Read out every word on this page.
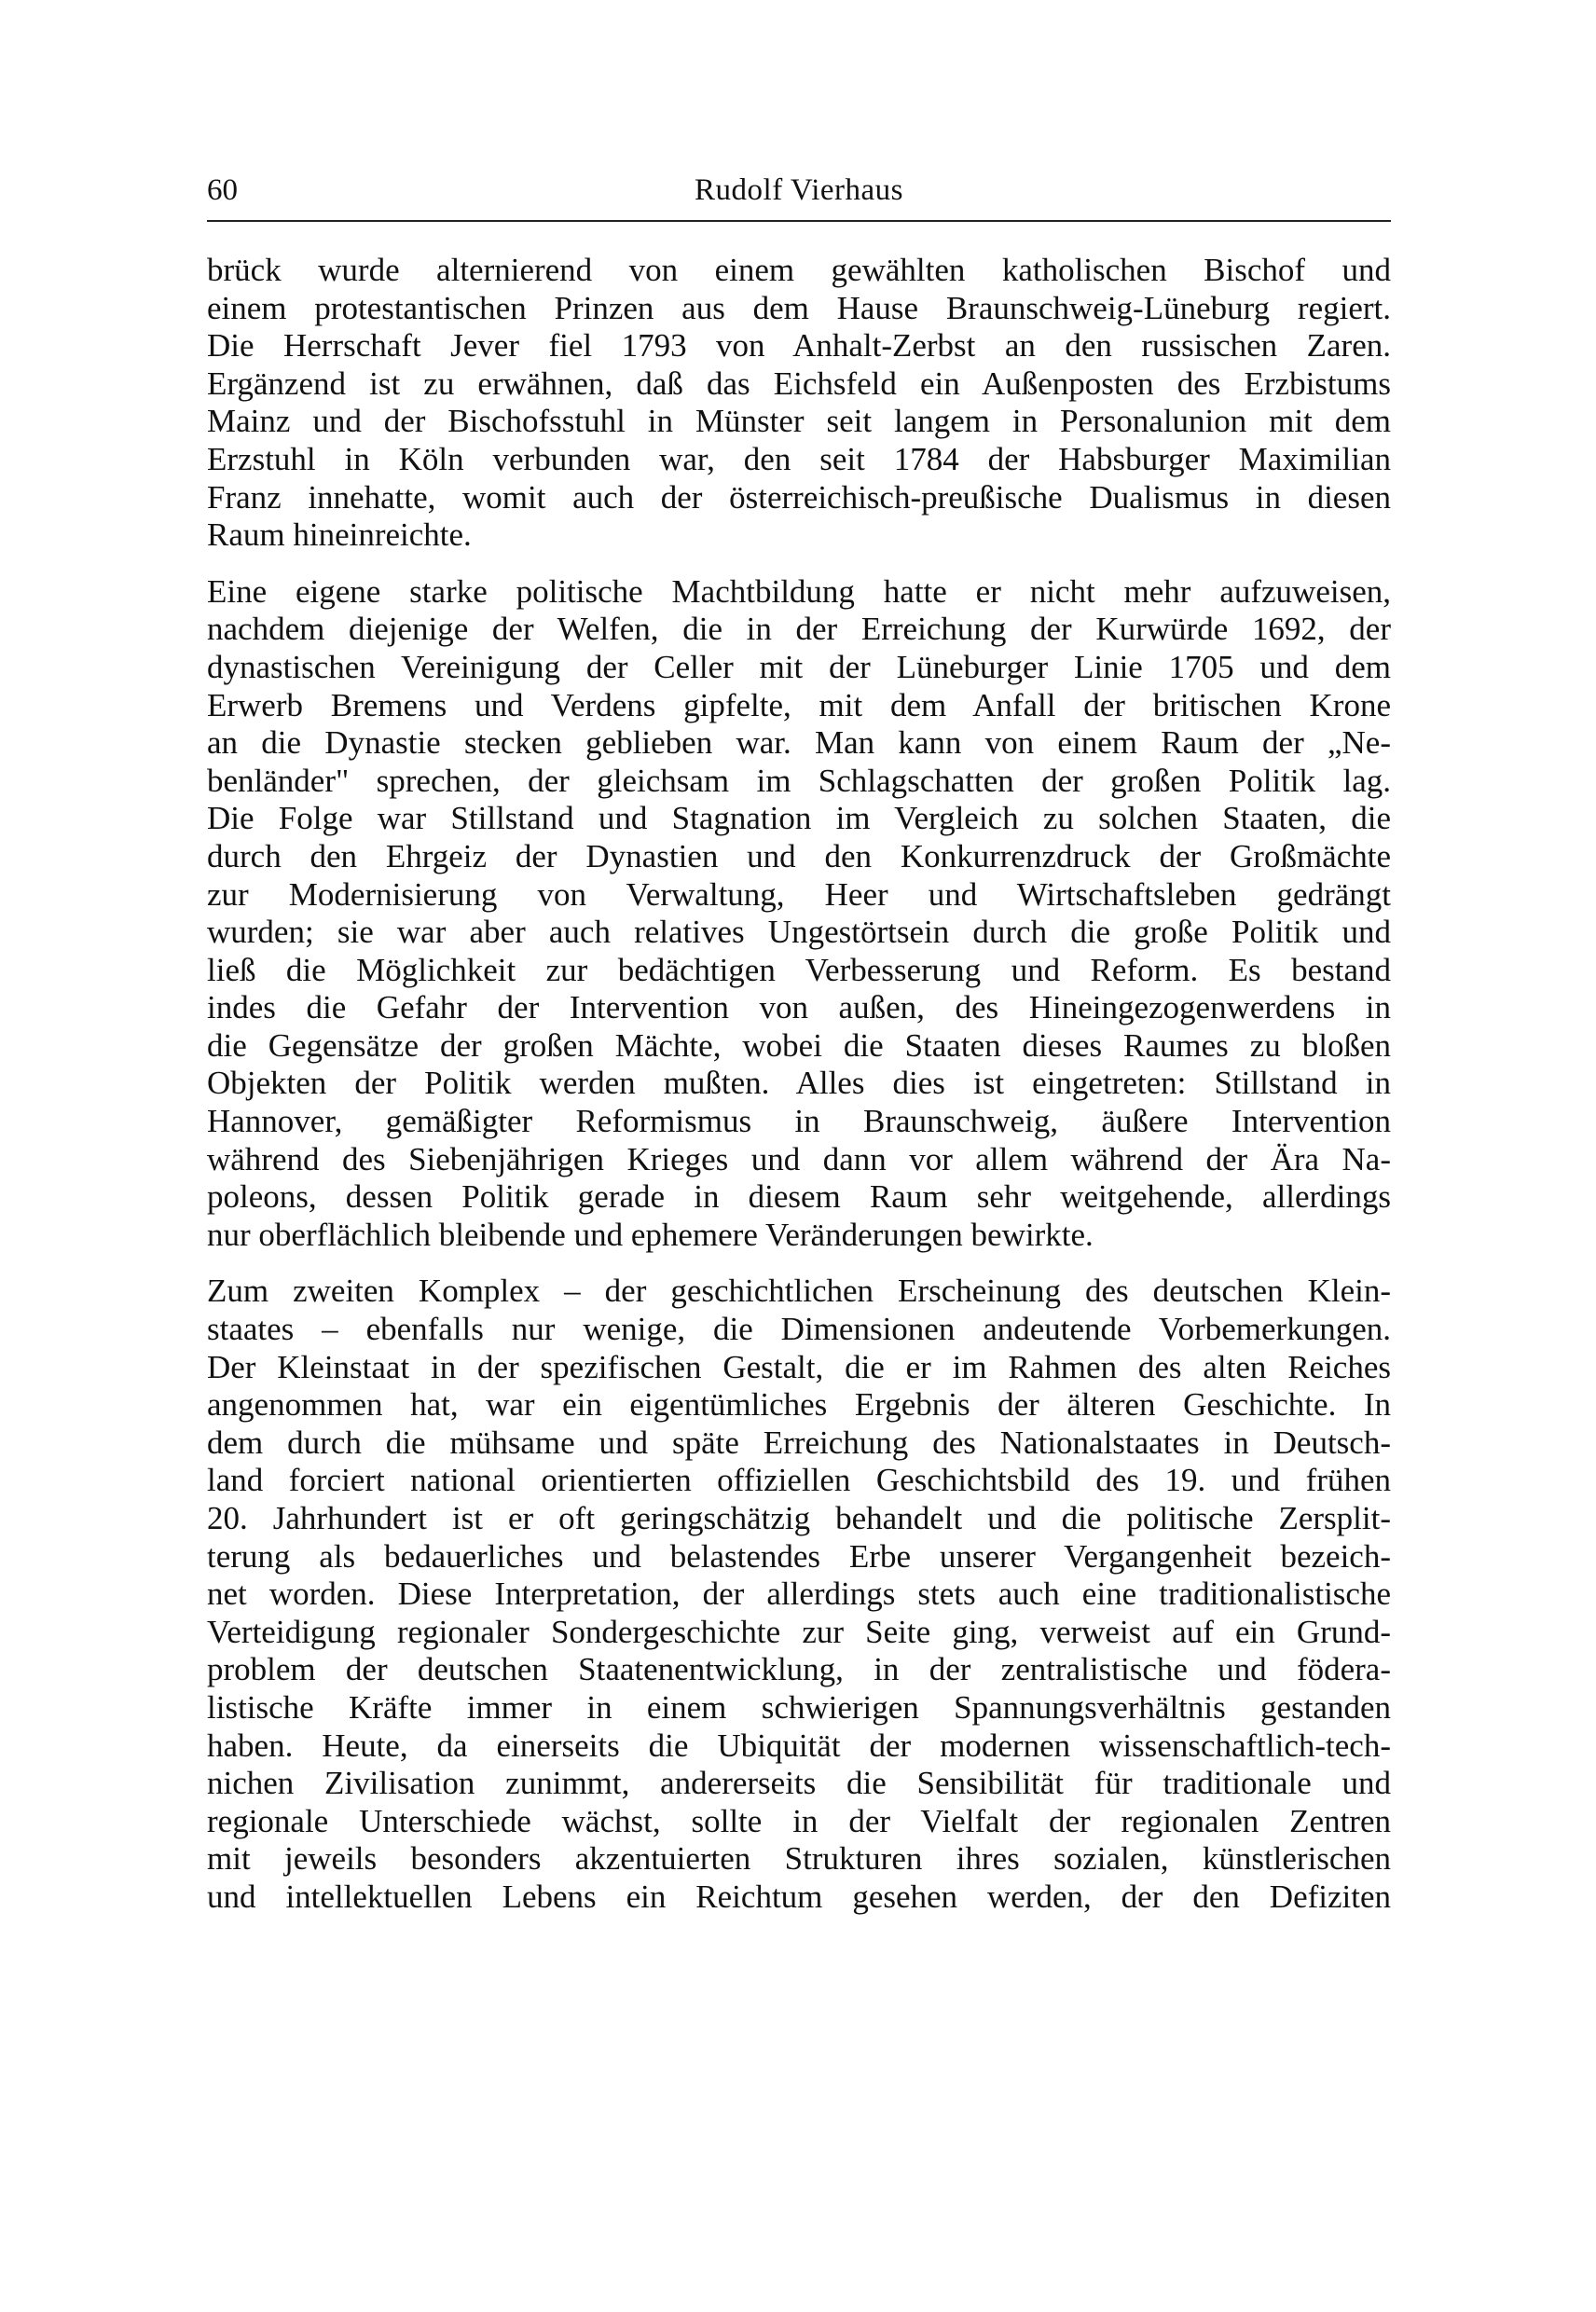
60	Rudolf Vierhaus

brück wurde alternierend von einem gewählten katholischen Bischof und
einem protestantischen Prinzen aus dem Hause Braunschweig-Lüneburg regiert.
Die Herrschaft Jever fiel 1793 von Anhalt-Zerbst an den russischen Zaren.
Ergänzend ist zu erwähnen, daß das Eichsfeld ein Außenposten des Erzbistums
Mainz und der Bischofsstuhl in Münster seit langem in Personalunion mit dem
Erzstuhl in Köln verbunden war, den seit 1784 der Habsburger Maximilian
Franz innehatte, womit auch der österreichisch-preußische Dualismus in diesen
Raum hineinreichte.

Eine eigene starke politische Machtbildung hatte er nicht mehr aufzuweisen,
nachdem diejenige der Welfen, die in der Erreichung der Kurwürde 1692, der
dynastischen Vereinigung der Celler mit der Lüneburger Linie 1705 und dem
Erwerb Bremens und Verdens gipfelte, mit dem Anfall der britischen Krone
an die Dynastie stecken geblieben war. Man kann von einem Raum der „Ne-
benländer" sprechen, der gleichsam im Schlagschatten der großen Politik lag.
Die Folge war Stillstand und Stagnation im Vergleich zu solchen Staaten, die
durch den Ehrgeiz der Dynastien und den Konkurrenzdruck der Großmächte
zur Modernisierung von Verwaltung, Heer und Wirtschaftsleben gedrängt
wurden; sie war aber auch relatives Ungestörtsein durch die große Politik und
ließ die Möglichkeit zur bedächtigen Verbesserung und Reform. Es bestand
indes die Gefahr der Intervention von außen, des Hineingezogenwerdens in
die Gegensätze der großen Mächte, wobei die Staaten dieses Raumes zu bloßen
Objekten der Politik werden mußten. Alles dies ist eingetreten: Stillstand in
Hannover, gemäßigter Reformismus in Braunschweig, äußere Intervention
während des Siebenjährigen Krieges und dann vor allem während der Ära Na-
poleons, dessen Politik gerade in diesem Raum sehr weitgehende, allerdings
nur oberflächlich bleibende und ephemere Veränderungen bewirkte.

Zum zweiten Komplex – der geschichtlichen Erscheinung des deutschen Klein-
staates – ebenfalls nur wenige, die Dimensionen andeutende Vorbemerkungen.
Der Kleinstaat in der spezifischen Gestalt, die er im Rahmen des alten Reiches
angenommen hat, war ein eigentümliches Ergebnis der älteren Geschichte. In
dem durch die mühsame und späte Erreichung des Nationalstaates in Deutsch-
land forciert national orientierten offiziellen Geschichtsbild des 19. und frühen
20. Jahrhundert ist er oft geringschätzig behandelt und die politische Zersplit-
terung als bedauerliches und belastendes Erbe unserer Vergangenheit bezeich-
net worden. Diese Interpretation, der allerdings stets auch eine traditionalistische
Verteidigung regionaler Sondergeschichte zur Seite ging, verweist auf ein Grund-
problem der deutschen Staatenentwicklung, in der zentralistische und födera-
listische Kräfte immer in einem schwierigen Spannungsverhältnis gestanden
haben. Heute, da einerseits die Ubiquität der modernen wissenschaftlich-tech-
nichen Zivilisation zunimmt, andererseits die Sensibilität für traditionale und
regionale Unterschiede wächst, sollte in der Vielfalt der regionalen Zentren
mit jeweils besonders akzentuierten Strukturen ihres sozialen, künstlerischen
und intellektuellen Lebens ein Reichtum gesehen werden, der den Defiziten
